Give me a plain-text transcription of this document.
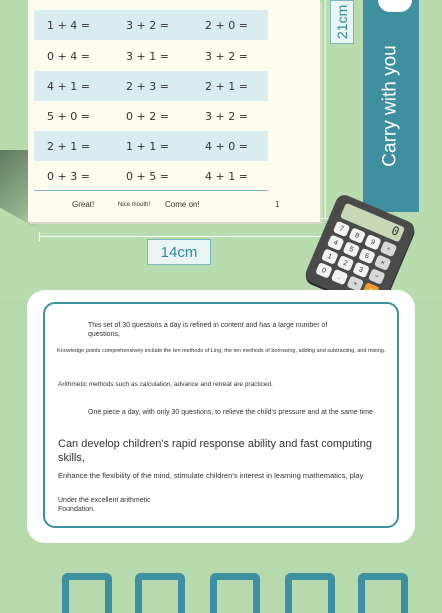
1 + 4 =	3 + 2 =	2 + 0 =
0 + 4 =	3 + 1 =	3 + 2 =
4 + 1 =	2 + 3 =	2 + 1 =
5 + 0 =	0 + 2 =	3 + 2 =
2 + 1 =	1 + 1 =	4 + 0 =
0 + 3 =	0 + 5 =	4 + 1 =
Great!	Nice mouth! Come on!	1
21cm
14cm
Carry with you
0
7
8
9
÷
4
5
6
×
1
2
3
−
0
.
+
This set of 30 questions a day is refined in content and has a large number of questions,
Knowledge points comprehensively include the ten methods of Ling, the ten methods of borrowing, adding and subtracting, and mixing.
Arithmetic methods such as calculation, advance and retreat are practiced.
One piece a day, with only 30 questions, to relieve the child's pressure and at the same time
Can develop children's rapid response ability and fast computing skills,
Enhance the flexibility of the mind, stimulate children's interest in learning mathematics, play
Under the excellent arithmetic Foundation.
